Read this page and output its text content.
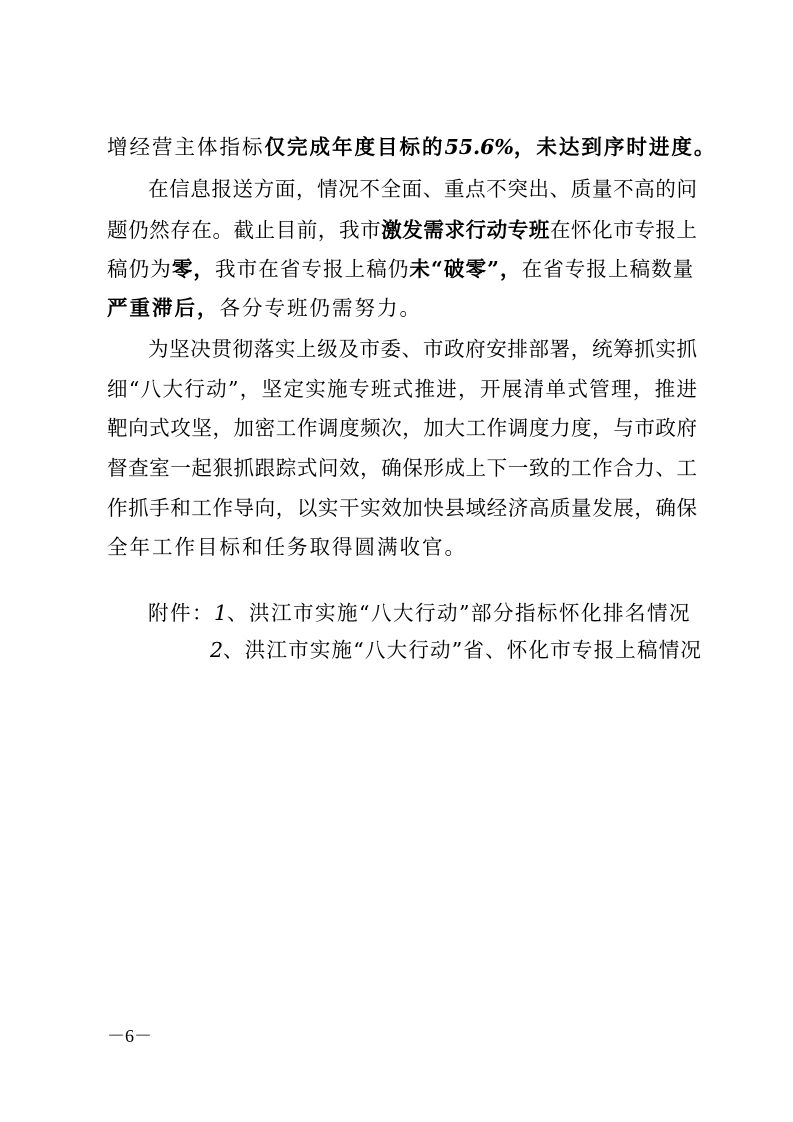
增经营主体指标仅完成年度目标的55.6%，未达到序时进度。
在信息报送方面，情况不全面、重点不突出、质量不高的问
题仍然存在。截止目前，我市激发需求行动专班在怀化市专报上
稿仍为零，我市在省专报上稿仍未“破零”，在省专报上稿数量
严重滞后，各分专班仍需努力。
为坚决贯彻落实上级及市委、市政府安排部署，统筹抓实抓
细“八大行动”，坚定实施专班式推进，开展清单式管理，推进
靶向式攻坚，加密工作调度频次，加大工作调度力度，与市政府
督查室一起狠抓跟踪式问效，确保形成上下一致的工作合力、工
作抓手和工作导向，以实干实效加快县域经济高质量发展，确保
全年工作目标和任务取得圆满收官。
附件：1、洪江市实施“八大行动”部分指标怀化排名情况
2、洪江市实施“八大行动”省、怀化市专报上稿情况
－6－
